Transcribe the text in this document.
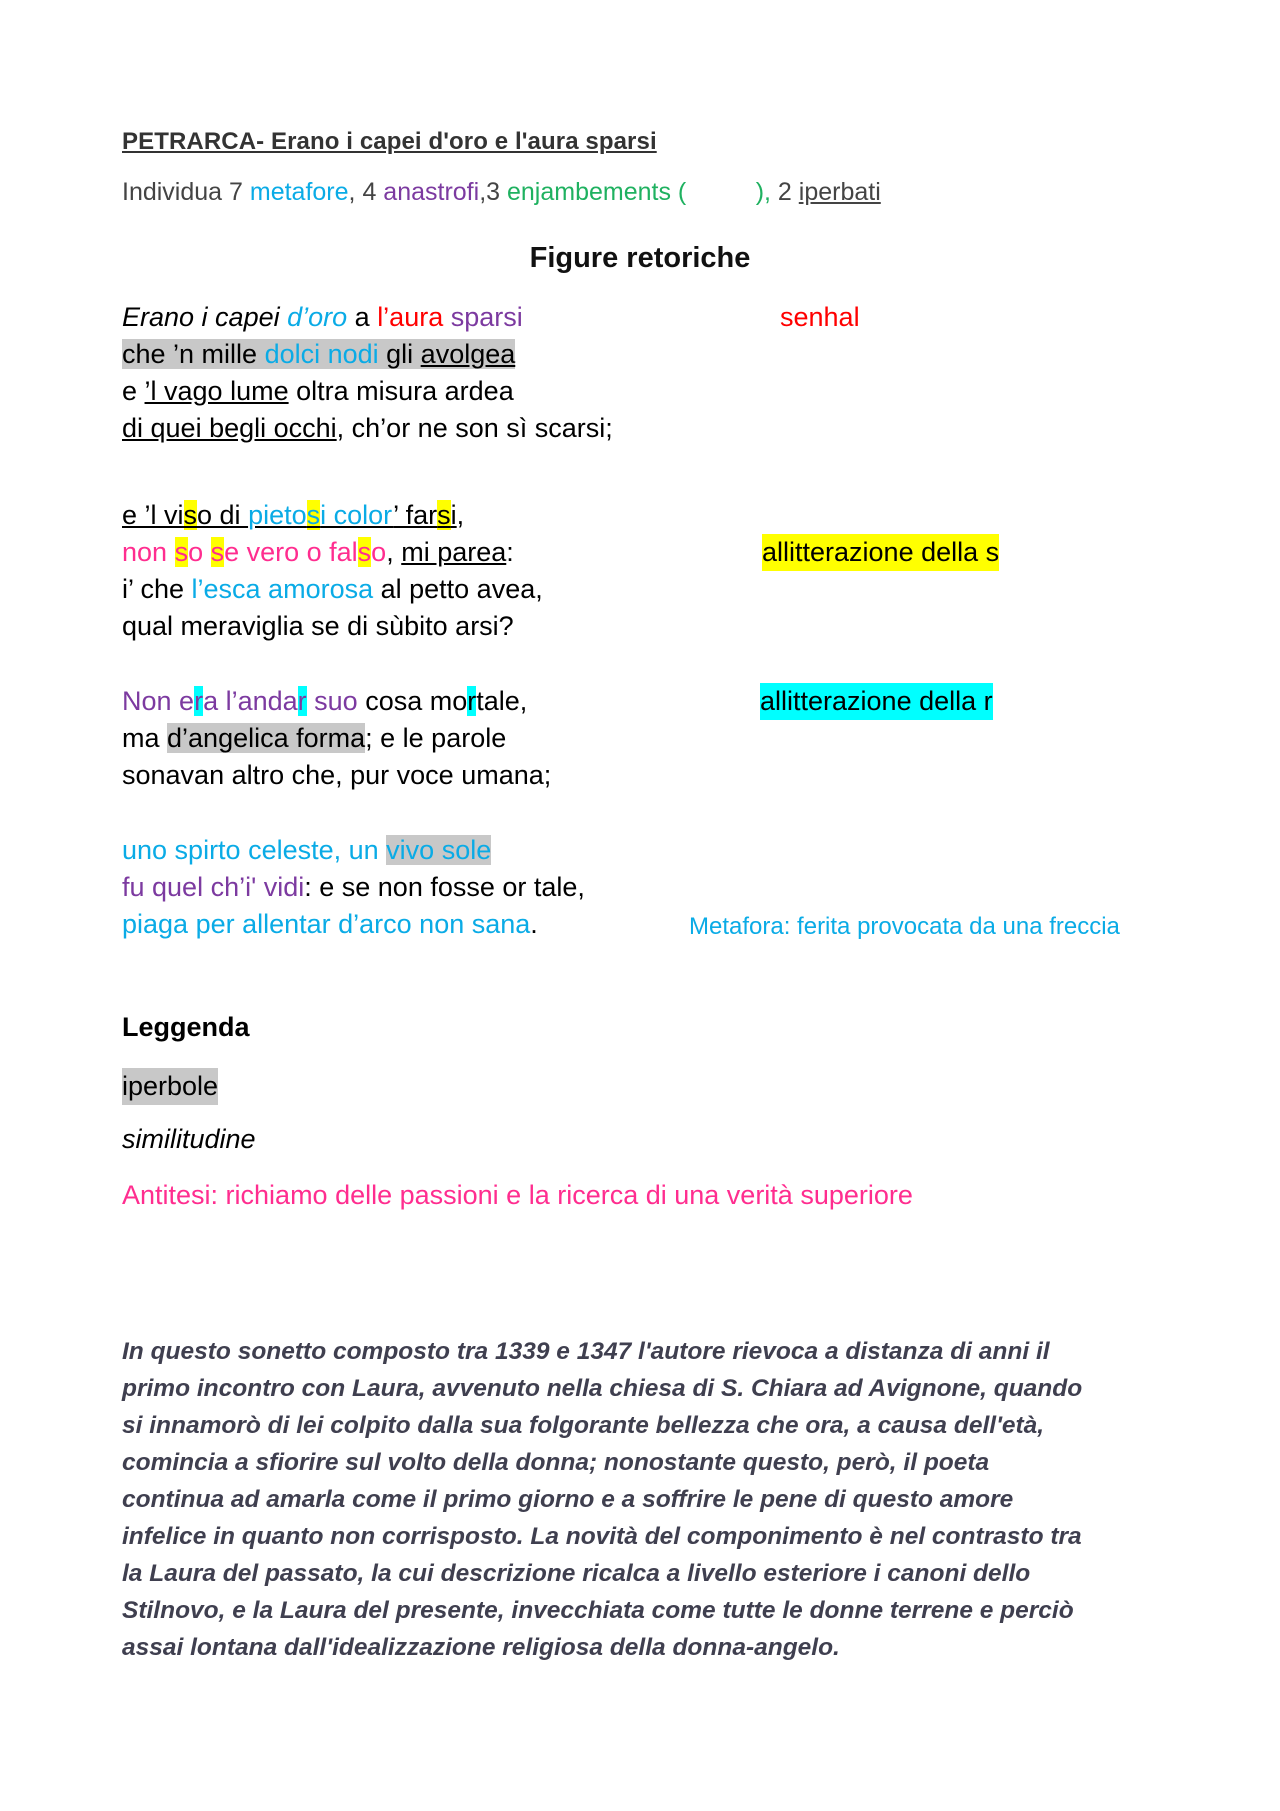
PETRARCA- Erano i capei d'oro e l'aura sparsi
Individua 7 metafore, 4 anastrofi,3 enjambements (	), 2 iperbati
Figure retoriche
Erano i capei d’oro a l’aura sparsi
che ’n mille dolci nodi gli avolgea
e ’l vago lume oltra misura ardea
di quei begli occhi, ch’or ne son sì scarsi;
e ’l viso di pietosi color’ farsi,
non so se vero o falso, mi parea:
i’ che l’esca amorosa al petto avea,
qual meraviglia se di sùbito arsi?
Non era l’andar suo cosa mortale,
ma d’angelica forma; e le parole
sonavan altro che, pur voce umana;
uno spirto celeste, un vivo sole
fu quel ch’i' vidi: e se non fosse or tale,
piaga per allentar d’arco non sana.
senhal
allitterazione della s
allitterazione della r
Metafora: ferita provocata da una freccia
Leggenda
iperbole
similitudine
Antitesi: richiamo delle passioni e la ricerca di una verità superiore
In questo sonetto composto tra 1339 e 1347 l'autore rievoca a distanza di anni il
primo incontro con Laura, avvenuto nella chiesa di S. Chiara ad Avignone, quando
si innamorò di lei colpito dalla sua folgorante bellezza che ora, a causa dell'età,
comincia a sfiorire sul volto della donna; nonostante questo, però, il poeta
continua ad amarla come il primo giorno e a soffrire le pene di questo amore
infelice in quanto non corrisposto. La novità del componimento è nel contrasto tra
la Laura del passato, la cui descrizione ricalca a livello esteriore i canoni dello
Stilnovo, e la Laura del presente, invecchiata come tutte le donne terrene e perciò
assai lontana dall'idealizzazione religiosa della donna-angelo.
